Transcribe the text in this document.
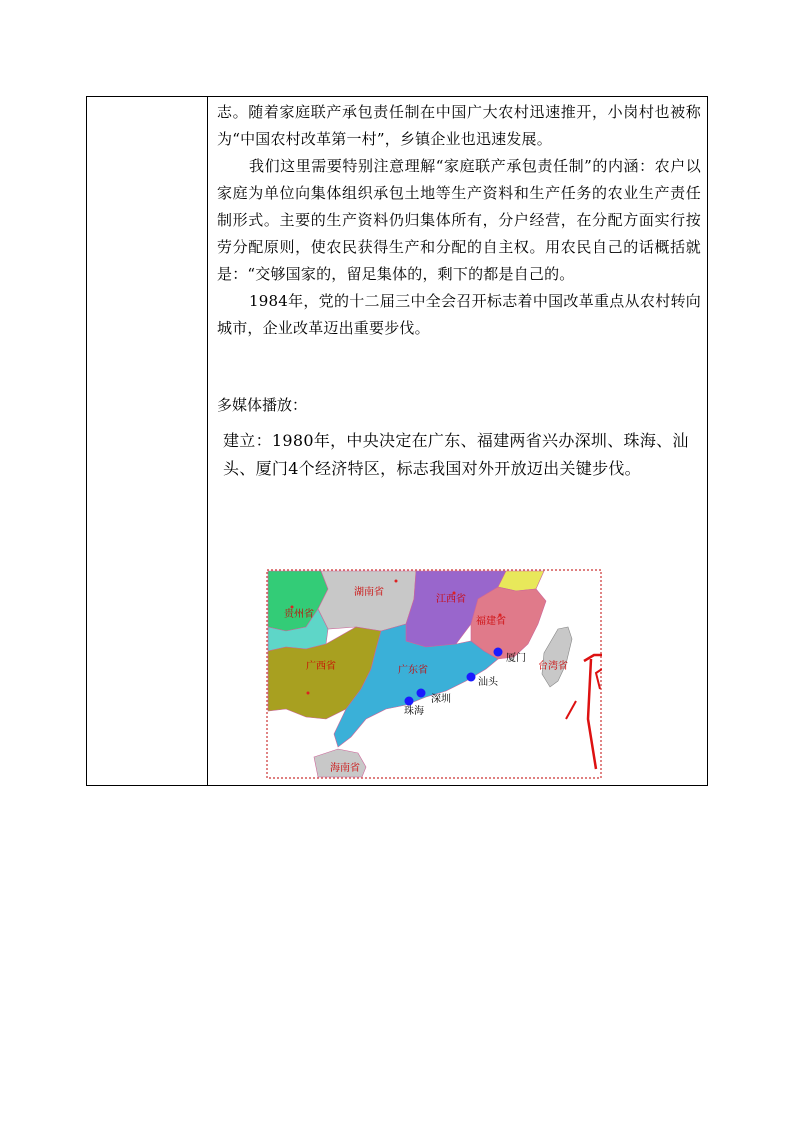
志。随着家庭联产承包责任制在中国广大农村迅速推开，小岗村也被称为“中国农村改革第一村”，乡镇企业也迅速发展。

我们这里需要特别注意理解“家庭联产承包责任制”的内涵：农户以家庭为单位向集体组织承包土地等生产资料和生产任务的农业生产责任制形式。主要的生产资料仍归集体所有，分户经营，在分配方面实行按劳分配原则，使农民获得生产和分配的自主权。用农民自己的话概括就是：“交够国家的，留足集体的，剩下的都是自己的。

1984年，党的十二届三中全会召开标志着中国改革重点从农村转向城市，企业改革迈出重要步伐。

多媒体播放：
建立：1980年，中央决定在广东、福建两省兴办深圳、珠海、汕头、厦门4个经济特区，标志我国对外开放迈出关键步伐。
湖南省
贵州省
江西省
福建省
广西省	广东省	台湾省
海南省
厦门
汕头
深圳
珠海
